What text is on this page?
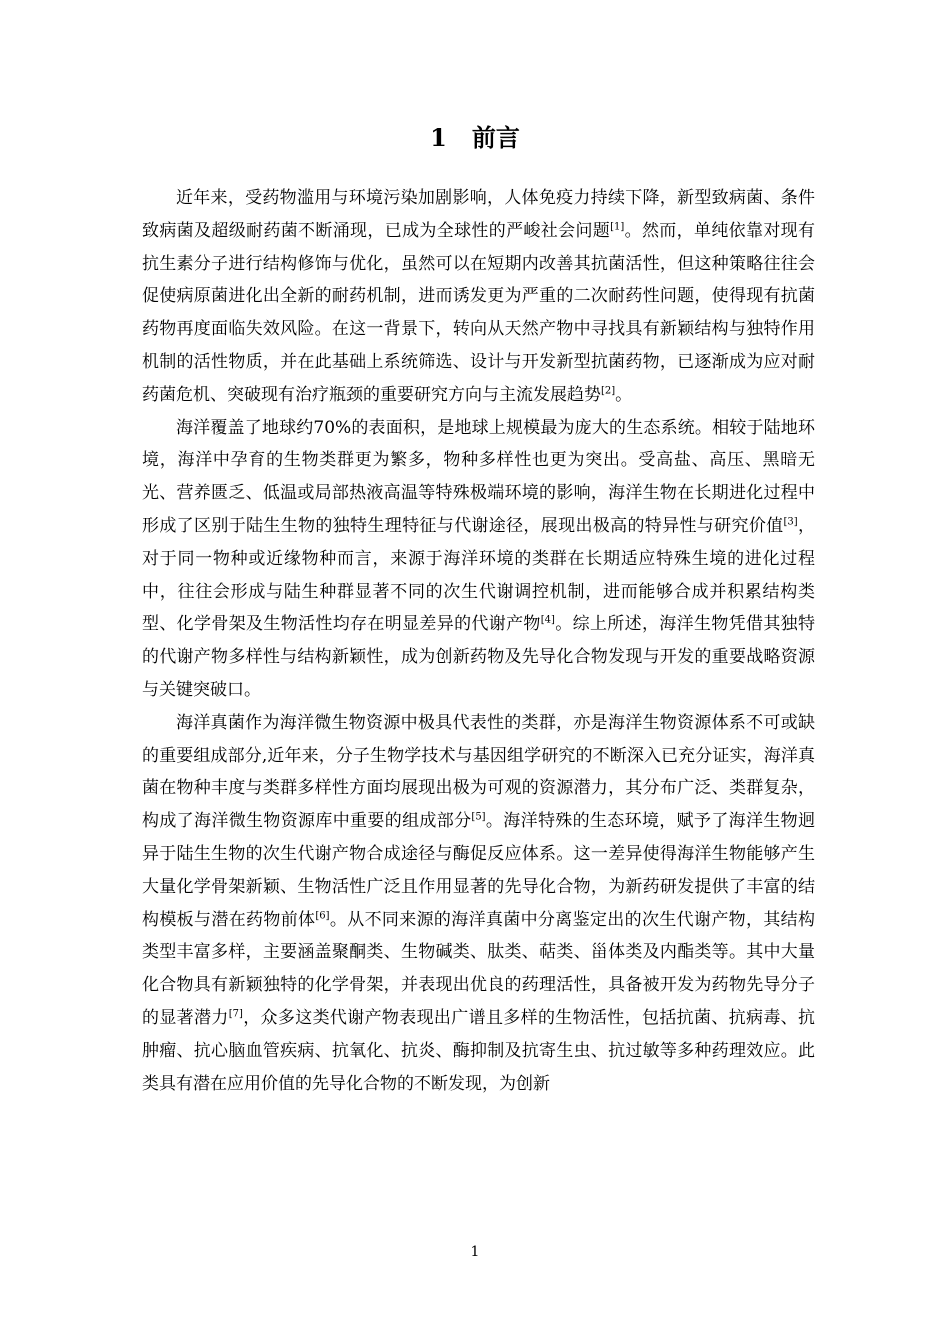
1   前言

近年来，受药物滥用与环境污染加剧影响，人体免疫力持续下降，新型致病菌、条件致病菌及超级耐药菌不断涌现，已成为全球性的严峻社会问题[1]。然而，单纯依靠对现有抗生素分子进行结构修饰与优化，虽然可以在短期内改善其抗菌活性，但这种策略往往会促使病原菌进化出全新的耐药机制，进而诱发更为严重的二次耐药性问题，使得现有抗菌药物再度面临失效风险。在这一背景下，转向从天然产物中寻找具有新颖结构与独特作用机制的活性物质，并在此基础上系统筛选、设计与开发新型抗菌药物，已逐渐成为应对耐药菌危机、突破现有治疗瓶颈的重要研究方向与主流发展趋势[2]。

海洋覆盖了地球约70%的表面积，是地球上规模最为庞大的生态系统。相较于陆地环境，海洋中孕育的生物类群更为繁多，物种多样性也更为突出。受高盐、高压、黑暗无光、营养匮乏、低温或局部热液高温等特殊极端环境的影响，海洋生物在长期进化过程中形成了区别于陆生生物的独特生理特征与代谢途径，展现出极高的特异性与研究价值[3]，对于同一物种或近缘物种而言，来源于海洋环境的类群在长期适应特殊生境的进化过程中，往往会形成与陆生种群显著不同的次生代谢调控机制，进而能够合成并积累结构类型、化学骨架及生物活性均存在明显差异的代谢产物[4]。综上所述，海洋生物凭借其独特的代谢产物多样性与结构新颖性，成为创新药物及先导化合物发现与开发的重要战略资源与关键突破口。

海洋真菌作为海洋微生物资源中极具代表性的类群，亦是海洋生物资源体系不可或缺的重要组成部分,近年来，分子生物学技术与基因组学研究的不断深入已充分证实，海洋真菌在物种丰度与类群多样性方面均展现出极为可观的资源潜力，其分布广泛、类群复杂，构成了海洋微生物资源库中重要的组成部分[5]。海洋特殊的生态环境，赋予了海洋生物迥异于陆生生物的次生代谢产物合成途径与酶促反应体系。这一差异使得海洋生物能够产生大量化学骨架新颖、生物活性广泛且作用显著的先导化合物，为新药研发提供了丰富的结构模板与潜在药物前体[6]。从不同来源的海洋真菌中分离鉴定出的次生代谢产物，其结构类型丰富多样，主要涵盖聚酮类、生物碱类、肽类、萜类、甾体类及内酯类等。其中大量化合物具有新颖独特的化学骨架，并表现出优良的药理活性，具备被开发为药物先导分子的显著潜力[7]，众多这类代谢产物表现出广谱且多样的生物活性，包括抗菌、抗病毒、抗肿瘤、抗心脑血管疾病、抗氧化、抗炎、酶抑制及抗寄生虫、抗过敏等多种药理效应。此类具有潜在应用价值的先导化合物的不断发现，为创新

1
